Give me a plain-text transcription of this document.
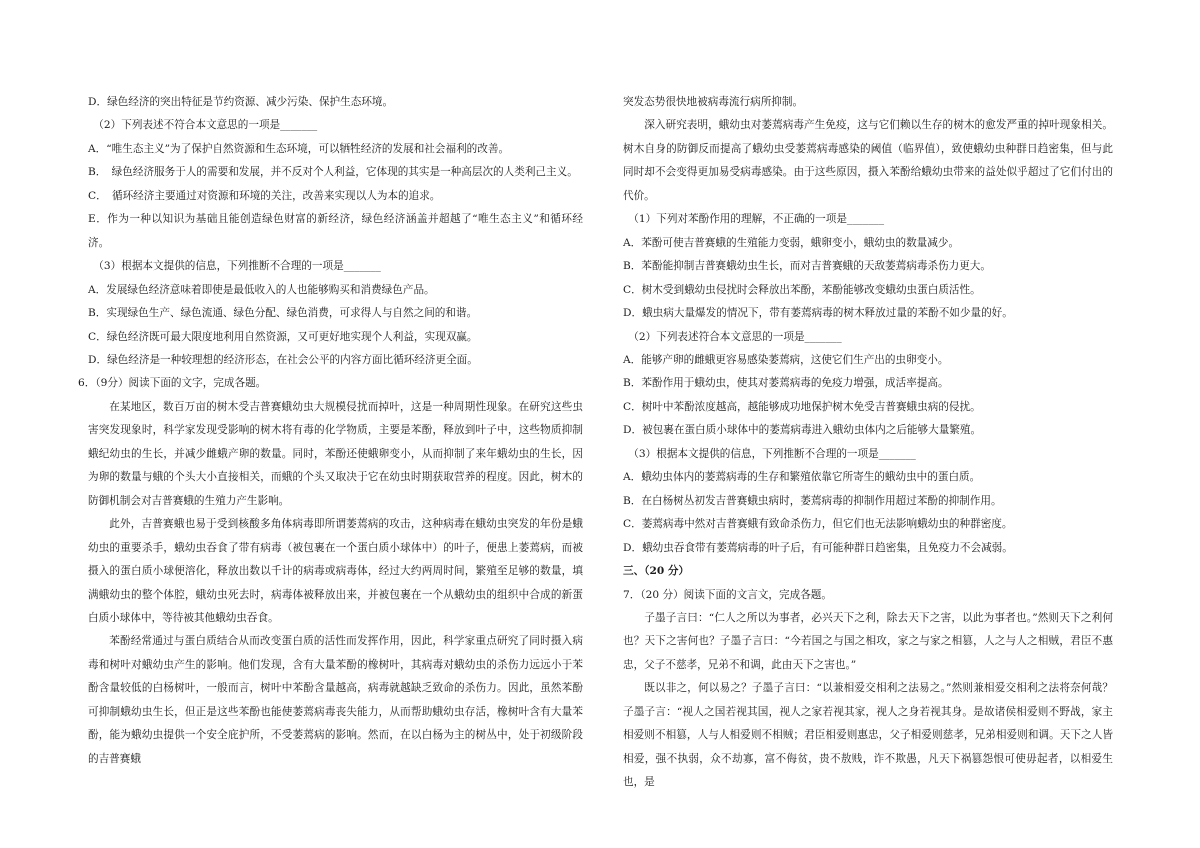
D．绿色经济的突出特征是节约资源、减少污染、保护生态环境。

（2）下列表述不符合本文意思的一项是_______

A．“唯生态主义”为了保护自然资源和生态环境，可以牺牲经济的发展和社会福利的改善。

B．　绿色经济服务于人的需要和发展，并不反对个人利益，它体现的其实是一种高层次的人类利己主义。

C．　循环经济主要通过对资源和环境的关注，改善来实现以人为本的追求。

E．作为一种以知识为基础且能创造绿色财富的新经济，绿色经济涵盖并超越了“唯生态主义”和循环经济。

（3）根据本文提供的信息，下列推断不合理的一项是_______

A．发展绿色经济意味着即使是最低收入的人也能够购买和消费绿色产品。

B．实现绿色生产、绿色流通、绿色分配、绿色消费，可求得人与自然之间的和谐。

C．绿色经济既可最大限度地利用自然资源，又可更好地实现个人利益，实现双赢。

D．绿色经济是一种较理想的经济形态，在社会公平的内容方面比循环经济更全面。

6．（9分）阅读下面的文字，完成各题。

在某地区，数百万亩的树木受吉普赛蛾幼虫大规模侵扰而掉叶，这是一种周期性现象。在研究这些虫害突发现象时，科学家发现受影响的树木将有毒的化学物质，主要是苯酚，释放到叶子中，这些物质抑制蛾纪幼虫的生长，并减少雌蛾产卵的数量。同时，苯酚还使蛾卵变小，从而抑制了来年蛾幼虫的生长，因为卵的数量与蛾的个头大小直接相关，而蛾的个头又取决于它在幼虫时期获取营养的程度。因此，树木的防御机制会对吉普赛蛾的生殖力产生影响。

此外，吉普赛蛾也易于受到核酸多角体病毒即所谓萎蔫病的攻击，这种病毒在蛾幼虫突发的年份是蛾幼虫的重要杀手，蛾幼虫吞食了带有病毒（被包裹在一个蛋白质小球体中）的叶子，便患上萎蔫病，而被摄入的蛋白质小球便溶化，释放出数以千计的病毒或病毒体，经过大约两周时间，繁殖至足够的数量，填满蛾幼虫的整个体腔，蛾幼虫死去时，病毒体被释放出来，并被包裹在一个从蛾幼虫的组织中合成的新蛋白质小球体中，等待被其他蛾幼虫吞食。

苯酚经常通过与蛋白质结合从而改变蛋白质的活性而发挥作用，因此，科学家重点研究了同时摄入病毒和树叶对蛾幼虫产生的影响。他们发现，含有大量苯酚的橡树叶，其病毒对蛾幼虫的杀伤力远远小于苯酚含量较低的白杨树叶，一般而言，树叶中苯酚含量越高，病毒就越缺乏致命的杀伤力。因此，虽然苯酚可抑制蛾幼虫生长，但正是这些苯酚也能使萎蔫病毒丧失能力，从而帮助蛾幼虫存活，橡树叶含有大量苯酚，能为蛾幼虫提供一个安全庇护所，不受萎蔫病的影响。然而，在以白杨为主的树丛中，处于初级阶段的吉普赛蛾

突发态势很快地被病毒流行病所抑制。

深入研究表明，蛾幼虫对萎蔫病毒产生免疫，这与它们赖以生存的树木的愈发严重的掉叶现象相关。树木自身的防御反而提高了蛾幼虫受萎蔫病毒感染的阈值（临界值），致使蛾幼虫种群日趋密集，但与此同时却不会变得更加易受病毒感染。由于这些原因，摄入苯酚给蛾幼虫带来的益处似乎超过了它们付出的代价。

（1）下列对苯酚作用的理解，不正确的一项是_______

A．苯酚可使吉普赛蛾的生殖能力变弱，蛾卵变小，蛾幼虫的数量减少。

B．苯酚能抑制吉普赛蛾幼虫生长，而对吉普赛蛾的天敌萎蔫病毒杀伤力更大。

C．树木受到蛾幼虫侵扰时会释放出苯酚，苯酚能够改变蛾幼虫蛋白质活性。

D．蛾虫病大量爆发的情况下，带有萎蔫病毒的树木释放过量的苯酚不如少量的好。

（2）下列表述符合本文意思的一项是_______

A．能够产卵的雌蛾更容易感染萎蔫病，这使它们生产出的虫卵变小。

B．苯酚作用于蛾幼虫，使其对萎蔫病毒的免疫力增强，成活率提高。

C．树叶中苯酚浓度越高，越能够成功地保护树木免受吉普赛蛾虫病的侵扰。

D．被包裹在蛋白质小球体中的萎蔫病毒进入蛾幼虫体内之后能够大量繁殖。

（3）根据本文提供的信息，下列推断不合理的一项是_______

A．蛾幼虫体内的萎蔫病毒的生存和繁殖依靠它所寄生的蛾幼虫中的蛋白质。

B．在白杨树丛初发吉普赛蛾虫病时，萎蔫病毒的抑制作用超过苯酚的抑制作用。

C．萎蔫病毒中然对吉普赛蛾有致命杀伤力，但它们也无法影响蛾幼虫的种群密度。

D．蛾幼虫吞食带有萎蔫病毒的叶子后，有可能种群日趋密集，且免疫力不会减弱。

三、（20 分）

7．（20 分）阅读下面的文言文，完成各题。

子墨子言曰：“仁人之所以为事者，必兴天下之利，除去天下之害，以此为事者也。”然则天下之利何也？天下之害何也？子墨子言曰：“今若国之与国之相攻，家之与家之相篡，人之与人之相贼，君臣不惠忠，父子不慈孝，兄弟不和调，此由天下之害也。”

既以非之，何以易之？子墨子言曰：“以兼相爱交相利之法易之。”然则兼相爱交相利之法将奈何哉？子墨子言：“视人之国若视其国，视人之家若视其家，视人之身若视其身。是故诸侯相爱则不野战，家主相爱则不相篡，人与人相爱则不相贼；君臣相爱则惠忠，父子相爱则慈孝，兄弟相爱则和调。天下之人皆相爱，强不执弱，众不劫寡，富不侮贫，贵不敖贱，诈不欺愚，凡天下祸篡怨恨可使毋起者，以相爱生也，是
